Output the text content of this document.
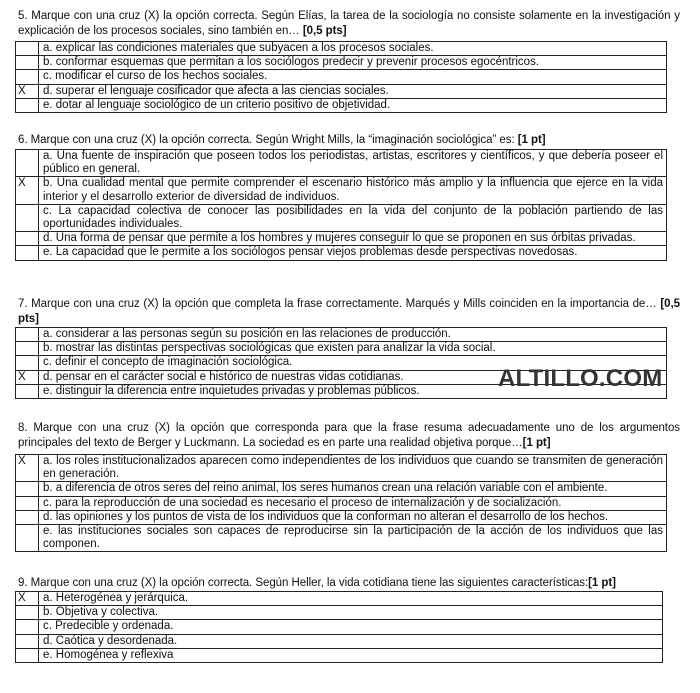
5. Marque con una cruz (X) la opción correcta. Según Elías, la tarea de la sociología no consiste solamente en la investigación y explicación de los procesos sociales, sino también en… [0,5 pts]
	a. explicar las condiciones materiales que subyacen a los procesos sociales.
	b. conformar esquemas que permitan a los sociólogos predecir y prevenir procesos egocéntricos.
	c. modificar el curso de los hechos sociales.
X	d. superar el lenguaje cosificador que afecta a las ciencias sociales.
	e. dotar al lenguaje sociológico de un criterio positivo de objetividad.
6. Marque con una cruz (X) la opción correcta. Según Wright Mills, la “imaginación sociológica” es: [1 pt]
	a. Una fuente de inspiración que poseen todos los periodistas, artistas, escritores y científicos, y que debería poseer el público en general.
X	b. Una cualidad mental que permite comprender el escenario histórico más amplio y la influencia que ejerce en la vida interior y el desarrollo exterior de diversidad de individuos.
	c. La capacidad colectiva de conocer las posibilidades en la vida del conjunto de la población partiendo de las oportunidades individuales.
	d. Una forma de pensar que permite a los hombres y mujeres conseguir lo que se proponen en sus órbitas privadas.
	e. La capacidad que le permite a los sociólogos pensar viejos problemas desde perspectivas novedosas.
7. Marque con una cruz (X) la opción que completa la frase correctamente. Marqués y Mills coinciden en la importancia de… [0,5 pts]
	a. considerar a las personas según su posición en las relaciones de producción.
	b. mostrar las distintas perspectivas sociológicas que existen para analizar la vida social.
	c. definir el concepto de imaginación sociológica.
X	d. pensar en el carácter social e histórico de nuestras vidas cotidianas.
	e. distinguir la diferencia entre inquietudes privadas y problemas públicos.	ALTILLO.COM
8. Marque con una cruz (X) la opción que corresponda para que la frase resuma adecuadamente uno de los argumentos principales del texto de Berger y Luckmann. La sociedad es en parte una realidad objetiva porque…[1 pt]
X	a. los roles institucionalizados aparecen como independientes de los individuos que cuando se transmiten de generación en generación.
	b. a diferencia de otros seres del reino animal, los seres humanos crean una relación variable con el ambiente.
	c. para la reproducción de una sociedad es necesario el proceso de internalización y de socialización.
	d. las opiniones y los puntos de vista de los individuos que la conforman no alteran el desarrollo de los hechos.
	e. las instituciones sociales son capaces de reproducirse sin la participación de la acción de los individuos que las componen.
9. Marque con una cruz (X) la opción correcta. Según Heller, la vida cotidiana tiene las siguientes características:[1 pt]
X	a. Heterogénea y jerárquica.
	b. Objetiva y colectiva.
	c. Predecible y ordenada.
	d. Caótica y desordenada.
	e. Homogénea y reflexiva
